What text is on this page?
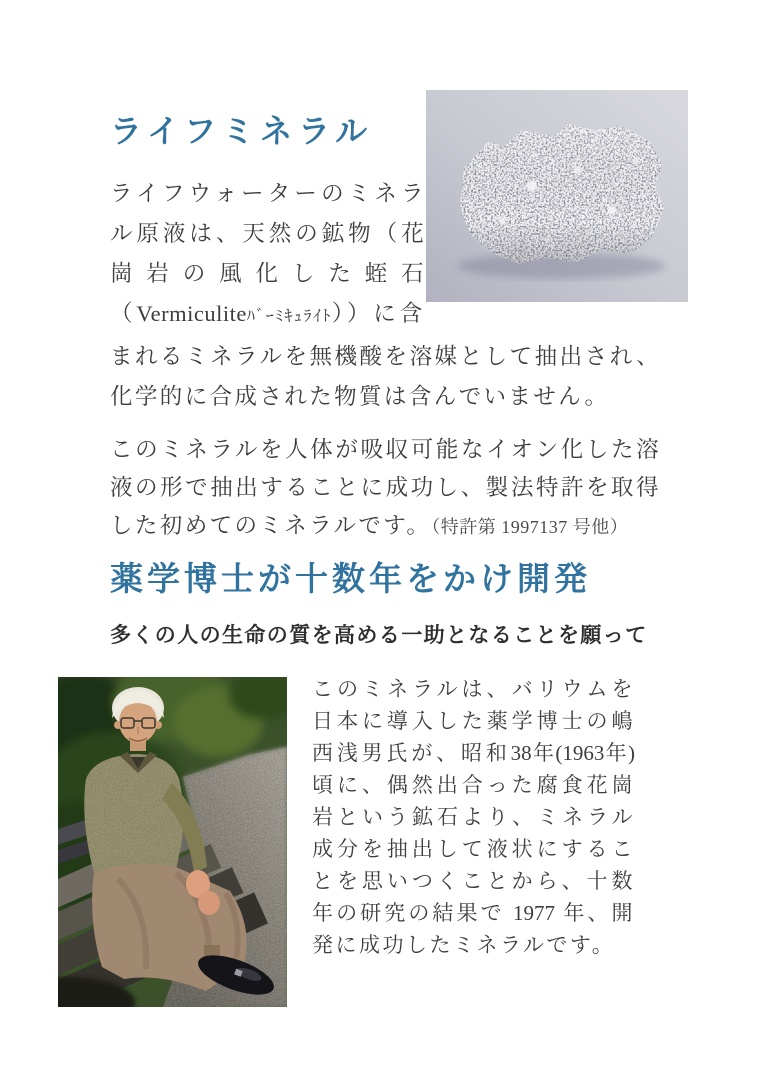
ライフミネラル

ライフウォーターのミネラル原液は、天然の鉱物（花崗岩の風化した蛭石（Vermiculiteﾊﾞｰﾐｷｭﾗｲﾄ））に含まれるミネラルを無機酸を溶媒として抽出され、化学的に合成された物質は含んでいません。

このミネラルを人体が吸収可能なイオン化した溶液の形で抽出することに成功し、製法特許を取得した初めてのミネラルです。（特許第 1997137 号他）

薬学博士が十数年をかけ開発

多くの人の生命の質を高める一助となることを願って

このミネラルは、バリウムを日本に導入した薬学博士の嶋西浅男氏が、昭和38年(1963年)頃に、偶然出合った腐食花崗岩という鉱石より、ミネラル成分を抽出して液状にすることを思いつくことから、十数年の研究の結果で 1977 年、開発に成功したミネラルです。
